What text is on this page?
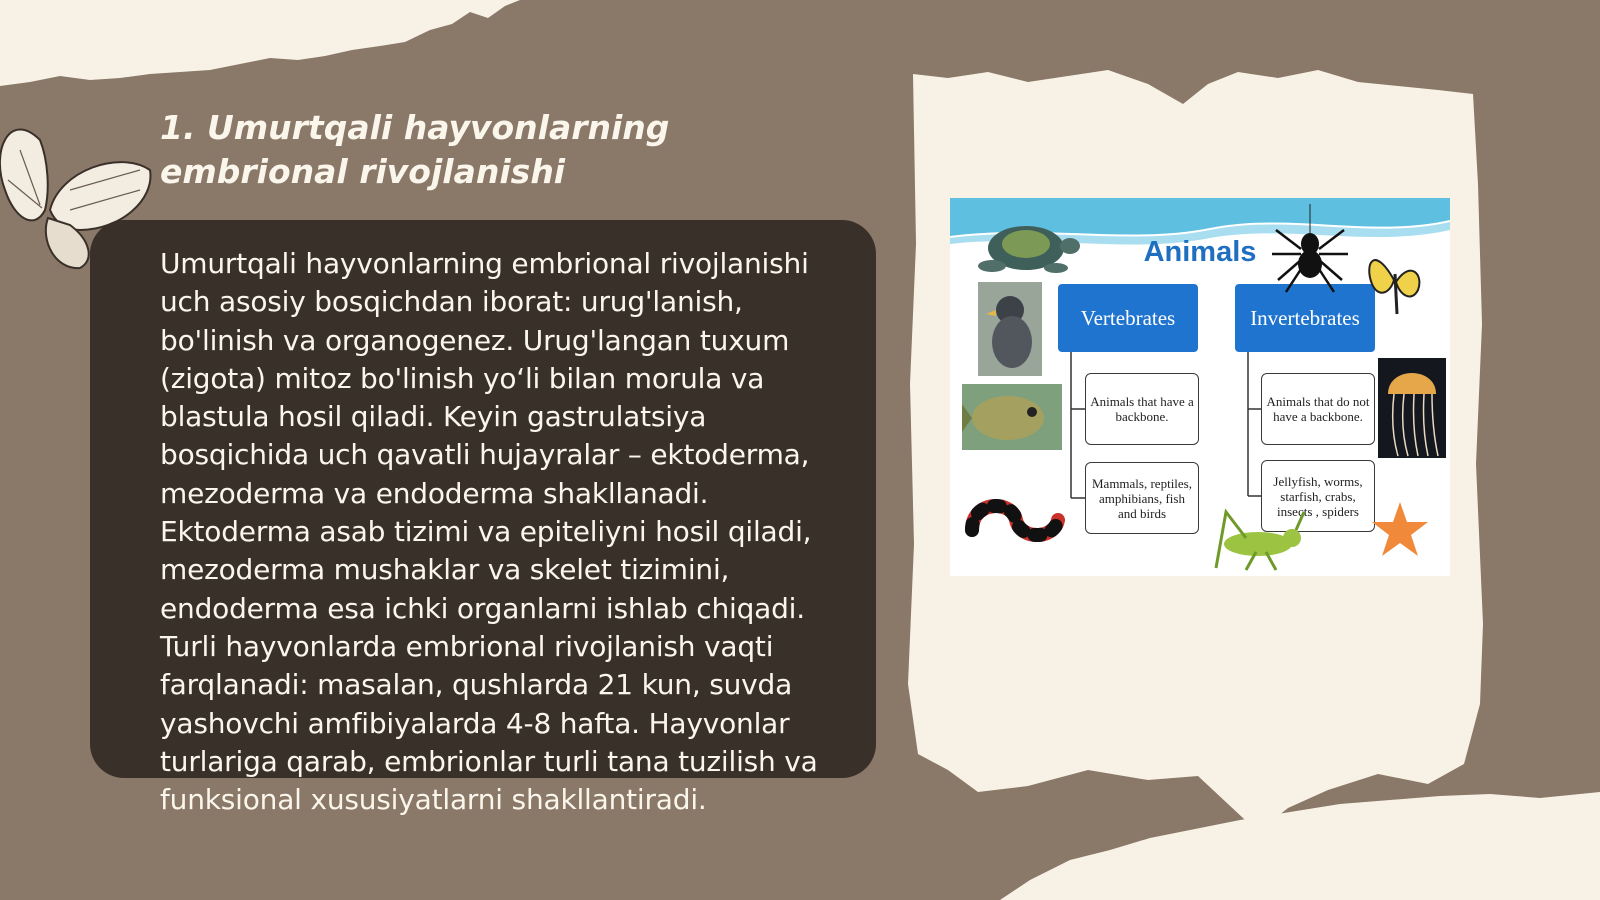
1. Umurtqali hayvonlarning embrional rivojlanishi

Umurtqali hayvonlarning embrional rivojlanishi uch asosiy bosqichdan iborat: urug'lanish, bo'linish va organogenez. Urug'langan tuxum (zigota) mitoz bo'linish yo‘li bilan morula va blastula hosil qiladi. Keyin gastrulatsiya bosqichida uch qavatli hujayralar – ektoderma, mezoderma va endoderma shakllanadi. Ektoderma asab tizimi va epiteliyni hosil qiladi, mezoderma mushaklar va skelet tizimini, endoderma esa ichki organlarni ishlab chiqadi. Turli hayvonlarda embrional rivojlanish vaqti farqlanadi: masalan, qushlarda 21 kun, suvda yashovchi amfibiyalarda 4-8 hafta. Hayvonlar turlariga qarab, embrionlar turli tana tuzilish va funksional xususiyatlarni shakllantiradi.

Animals
Vertebrates	Invertebrates
Animals that have a backbone.
Mammals, reptiles, amphibians, fish and birds
Animals that do not have a backbone.
Jellyfish, worms, starfish, crabs, insects , spiders
